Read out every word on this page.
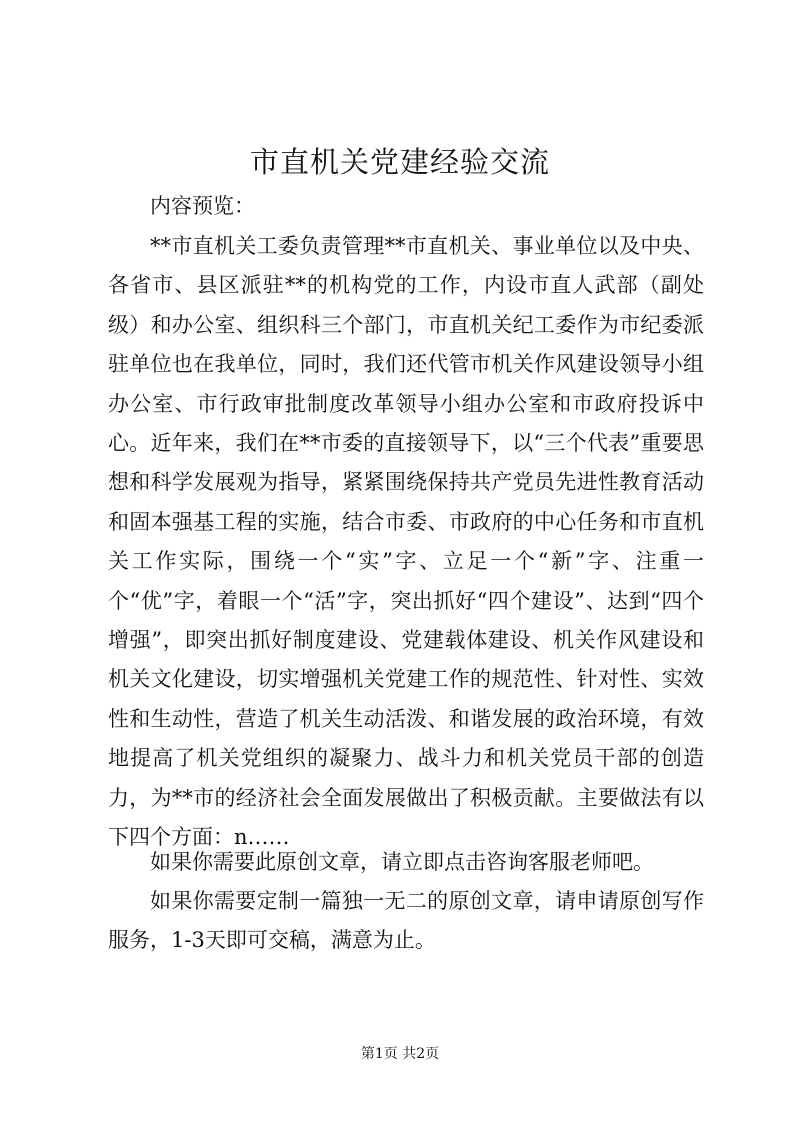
市直机关党建经验交流

内容预览：

**市直机关工委负责管理**市直机关、事业单位以及中央、各省市、县区派驻**的机构党的工作，内设市直人武部（副处级）和办公室、组织科三个部门，市直机关纪工委作为市纪委派驻单位也在我单位，同时，我们还代管市机关作风建设领导小组办公室、市行政审批制度改革领导小组办公室和市政府投诉中心。近年来，我们在**市委的直接领导下，以“三个代表”重要思想和科学发展观为指导，紧紧围绕保持共产党员先进性教育活动和固本强基工程的实施，结合市委、市政府的中心任务和市直机关工作实际，围绕一个“实”字、立足一个“新”字、注重一个“优”字，着眼一个“活”字，突出抓好“四个建设”、达到“四个增强”，即突出抓好制度建设、党建载体建设、机关作风建设和机关文化建设，切实增强机关党建工作的规范性、针对性、实效性和生动性，营造了机关生动活泼、和谐发展的政治环境，有效地提高了机关党组织的凝聚力、战斗力和机关党员干部的创造力，为**市的经济社会全面发展做出了积极贡献。主要做法有以下四个方面：n……

如果你需要此原创文章，请立即点击咨询客服老师吧。

如果你需要定制一篇独一无二的原创文章，请申请原创写作服务，1-3天即可交稿，满意为止。

第1页 共2页
